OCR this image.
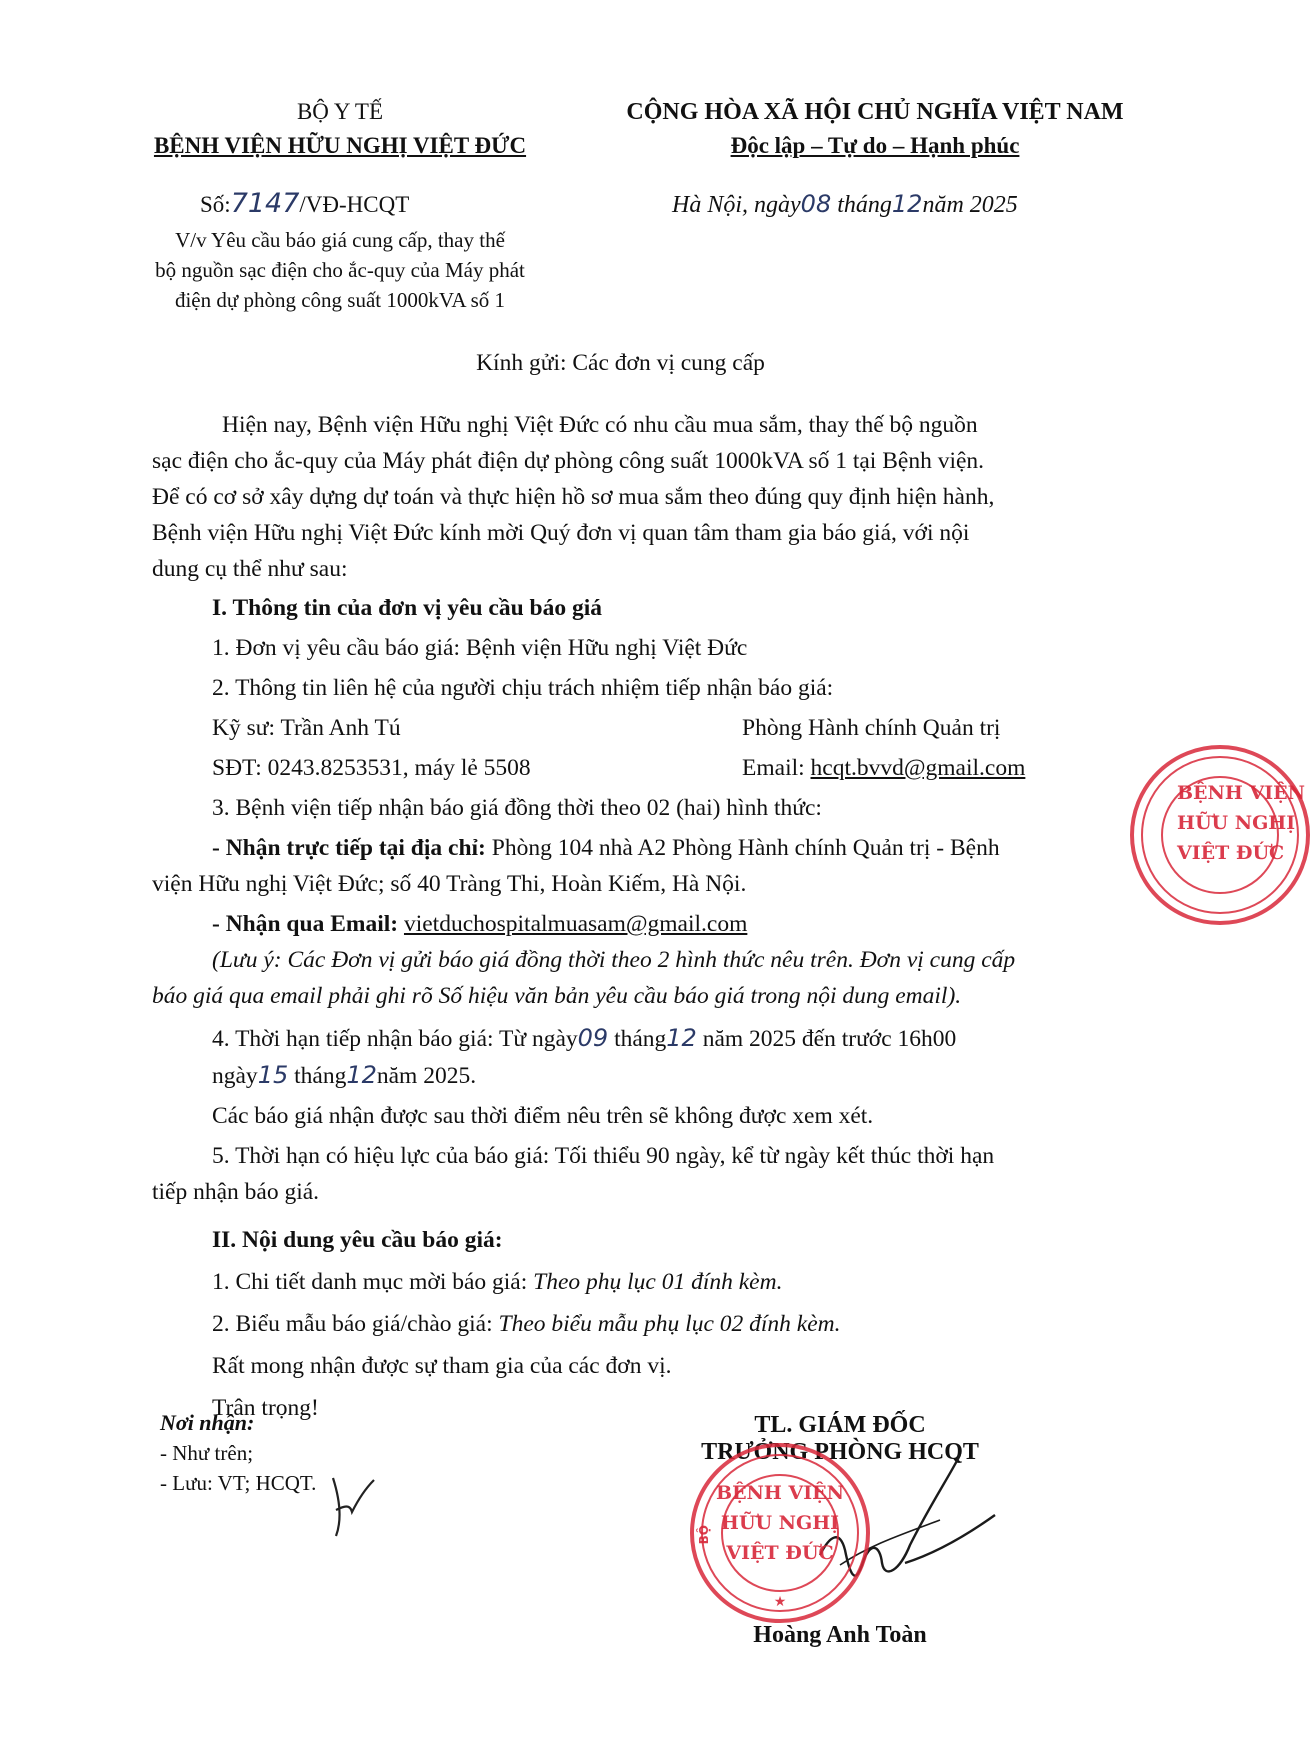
BỘ Y TẾ
BỆNH VIỆN HỮU NGHỊ VIỆT ĐỨC
Số:7147/VĐ-HCQT
V/v Yêu cầu báo giá cung cấp, thay thế
bộ nguồn sạc điện cho ắc-quy của Máy phát
điện dự phòng công suất 1000kVA số 1
CỘNG HÒA XÃ HỘI CHỦ NGHĨA VIỆT NAM
Độc lập – Tự do – Hạnh phúc
Hà Nội, ngày08 tháng12năm 2025
Kính gửi: Các đơn vị cung cấp
Hiện nay, Bệnh viện Hữu nghị Việt Đức có nhu cầu mua sắm, thay thế bộ nguồn
sạc điện cho ắc-quy của Máy phát điện dự phòng công suất 1000kVA số 1 tại Bệnh viện.
Để có cơ sở xây dựng dự toán và thực hiện hồ sơ mua sắm theo đúng quy định hiện hành,
Bệnh viện Hữu nghị Việt Đức kính mời Quý đơn vị quan tâm tham gia báo giá, với nội
dung cụ thể như sau:
I. Thông tin của đơn vị yêu cầu báo giá
1. Đơn vị yêu cầu báo giá: Bệnh viện Hữu nghị Việt Đức
2. Thông tin liên hệ của người chịu trách nhiệm tiếp nhận báo giá:
Kỹ sư: Trần Anh Tú	Phòng Hành chính Quản trị
SĐT: 0243.8253531, máy lẻ 5508	Email: hcqt.bvvd@gmail.com
3. Bệnh viện tiếp nhận báo giá đồng thời theo 02 (hai) hình thức:
- Nhận trực tiếp tại địa chỉ: Phòng 104 nhà A2 Phòng Hành chính Quản trị - Bệnh
viện Hữu nghị Việt Đức; số 40 Tràng Thi, Hoàn Kiếm, Hà Nội.
- Nhận qua Email: vietduchospitalmuasam@gmail.com
(Lưu ý: Các Đơn vị gửi báo giá đồng thời theo 2 hình thức nêu trên. Đơn vị cung cấp
báo giá qua email phải ghi rõ Số hiệu văn bản yêu cầu báo giá trong nội dung email).
4. Thời hạn tiếp nhận báo giá: Từ ngày09 tháng12 năm 2025 đến trước 16h00
ngày15 tháng12năm 2025.
Các báo giá nhận được sau thời điểm nêu trên sẽ không được xem xét.
5. Thời hạn có hiệu lực của báo giá: Tối thiểu 90 ngày, kể từ ngày kết thúc thời hạn
tiếp nhận báo giá.
II. Nội dung yêu cầu báo giá:
1. Chi tiết danh mục mời báo giá: Theo phụ lục 01 đính kèm.
2. Biểu mẫu báo giá/chào giá: Theo biểu mẫu phụ lục 02 đính kèm.
Rất mong nhận được sự tham gia của các đơn vị.
Trân trọng!
Nơi nhận:
- Như trên;
- Lưu: VT; HCQT.
TL. GIÁM ĐỐC
TRƯỞNG PHÒNG HCQT
Hoàng Anh Toàn
★
BỆNH VIỆN
HỮU NGHỊ
VIỆT ĐỨC
BỘ
BỆNH VIỆN
HỮU NGHỊ
VIỆT ĐỨC
